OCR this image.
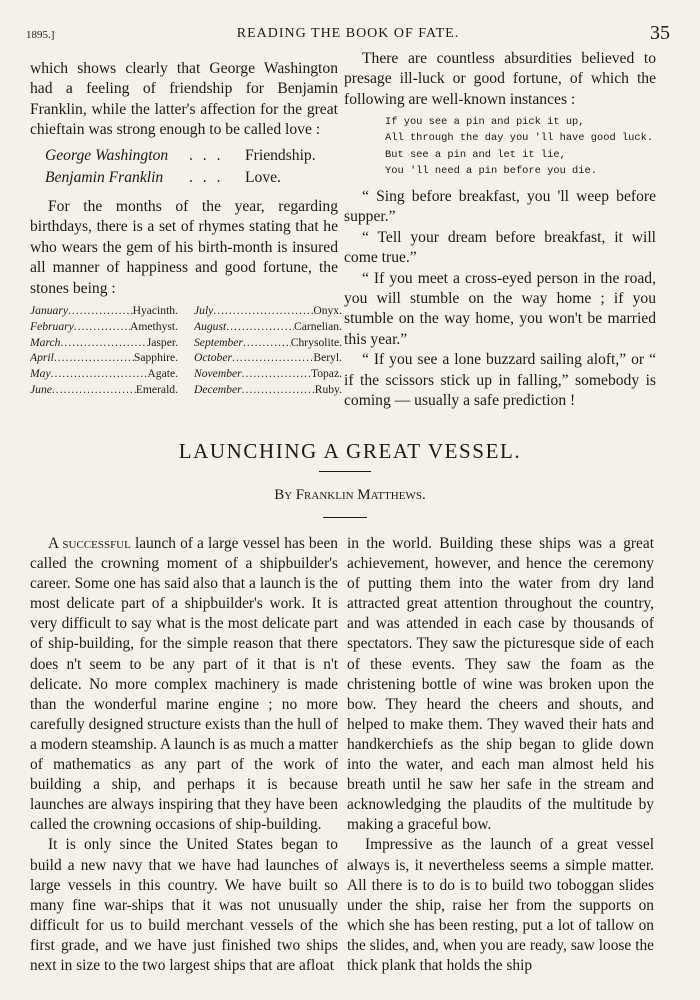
1895.]	READING THE BOOK OF FATE.	35

which shows clearly that George Washington had a feeling of friendship for Benjamin Franklin, while the latter's affection for the great chieftain was strong enough to be called love :

George Washington . . . Friendship.
Benjamin Franklin . . . Love.

For the months of the year, regarding birthdays, there is a set of rhymes stating that he who wears the gem of his birth-month is insured all manner of happiness and good fortune, the stones being :

January .....	Hyacinth. July .....	Onyx.
February .....	Amethyst. August .....	Carnelian.
March .....	Jasper. September .....	Chrysolite.
April .....	Sapphire. October .....	Beryl.
May .....	Agate. November .....	Topaz.
June .....	Emerald. December .....	Ruby.

There are countless absurdities believed to presage ill-luck or good fortune, of which the following are well-known instances :

If you see a pin and pick it up,
All through the day you 'll have good luck.
But see a pin and let it lie,
You 'll need a pin before you die.

“ Sing before breakfast, you 'll weep before supper.”

“ Tell your dream before breakfast, it will come true.”

“ If you meet a cross-eyed person in the road, you will stumble on the way home ; if you stumble on the way home, you won't be married this year.”

“ If you see a lone buzzard sailing aloft,” or “ if the scissors stick up in falling,” somebody is coming — usually a safe prediction !

LAUNCHING A GREAT VESSEL.
By Franklin Matthews.

A successful launch of a large vessel has been called the crowning moment of a shipbuilder's career. Some one has said also that a launch is the most delicate part of a shipbuilder's work. It is very difficult to say what is the most delicate part of ship-building, for the simple reason that there does n't seem to be any part of it that is n't delicate. No more complex machinery is made than the wonderful marine engine ; no more carefully designed structure exists than the hull of a modern steamship. A launch is as much a matter of mathematics as any part of the work of building a ship, and perhaps it is because launches are always inspiring that they have been called the crowning occasions of ship-building.

It is only since the United States began to build a new navy that we have had launches of large vessels in this country. We have built so many fine war-ships that it was not unusually difficult for us to build merchant vessels of the first grade, and we have just finished two ships next in size to the two largest ships that are afloat

in the world. Building these ships was a great achievement, however, and hence the ceremony of putting them into the water from dry land attracted great attention throughout the country, and was attended in each case by thousands of spectators. They saw the picturesque side of each of these events. They saw the foam as the christening bottle of wine was broken upon the bow. They heard the cheers and shouts, and helped to make them. They waved their hats and handkerchiefs as the ship began to glide down into the water, and each man almost held his breath until he saw her safe in the stream and acknowledging the plaudits of the multitude by making a graceful bow.

Impressive as the launch of a great vessel always is, it nevertheless seems a simple matter. All there is to do is to build two toboggan slides under the ship, raise her from the supports on which she has been resting, put a lot of tallow on the slides, and, when you are ready, saw loose the thick plank that holds the ship
